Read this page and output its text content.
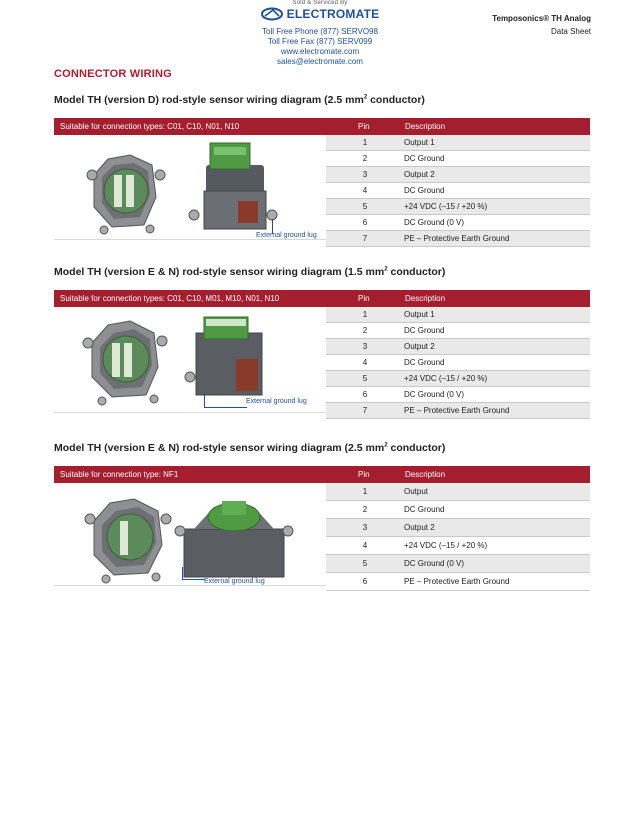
Sold & Serviced By
ELECTROMATE
Toll Free Phone (877) SERVO98
Toll Free Fax (877) SERV099
www.electromate.com
sales@electromate.com
Temposonics® TH Analog
Data Sheet
CONNECTOR WIRING
Model TH (version D) rod-style sensor wiring diagram (2.5 $mm^2$ conductor)
Suitable for connection types: C01, C10, N01, N10	Pin	Description
External ground lug
1	Output 1
2	DC Ground
3	Output 2
4	DC Ground
5	+24 VDC (–15 / +20 %)
6	DC Ground (0 V)
7	PE – Protective Earth Ground
Model TH (version E & N) rod-style sensor wiring diagram (1.5 $mm^2$ conductor)
Suitable for connection types: C01, C10, M01, M10, N01, N10	Pin	Description
External ground lug
1	Output 1
2	DC Ground
3	Output 2
4	DC Ground
5	+24 VDC (–15 / +20 %)
6	DC Ground (0 V)
7	PE – Protective Earth Ground
Model TH (version E & N) rod-style sensor wiring diagram (2.5 $mm^2$ conductor)
Suitable for connection type: NF1	Pin	Description
External ground lug
1	Output
2	DC Ground
3	Output 2
4	+24 VDC (–15 / +20 %)
5	DC Ground (0 V)
6	PE – Protective Earth Ground
